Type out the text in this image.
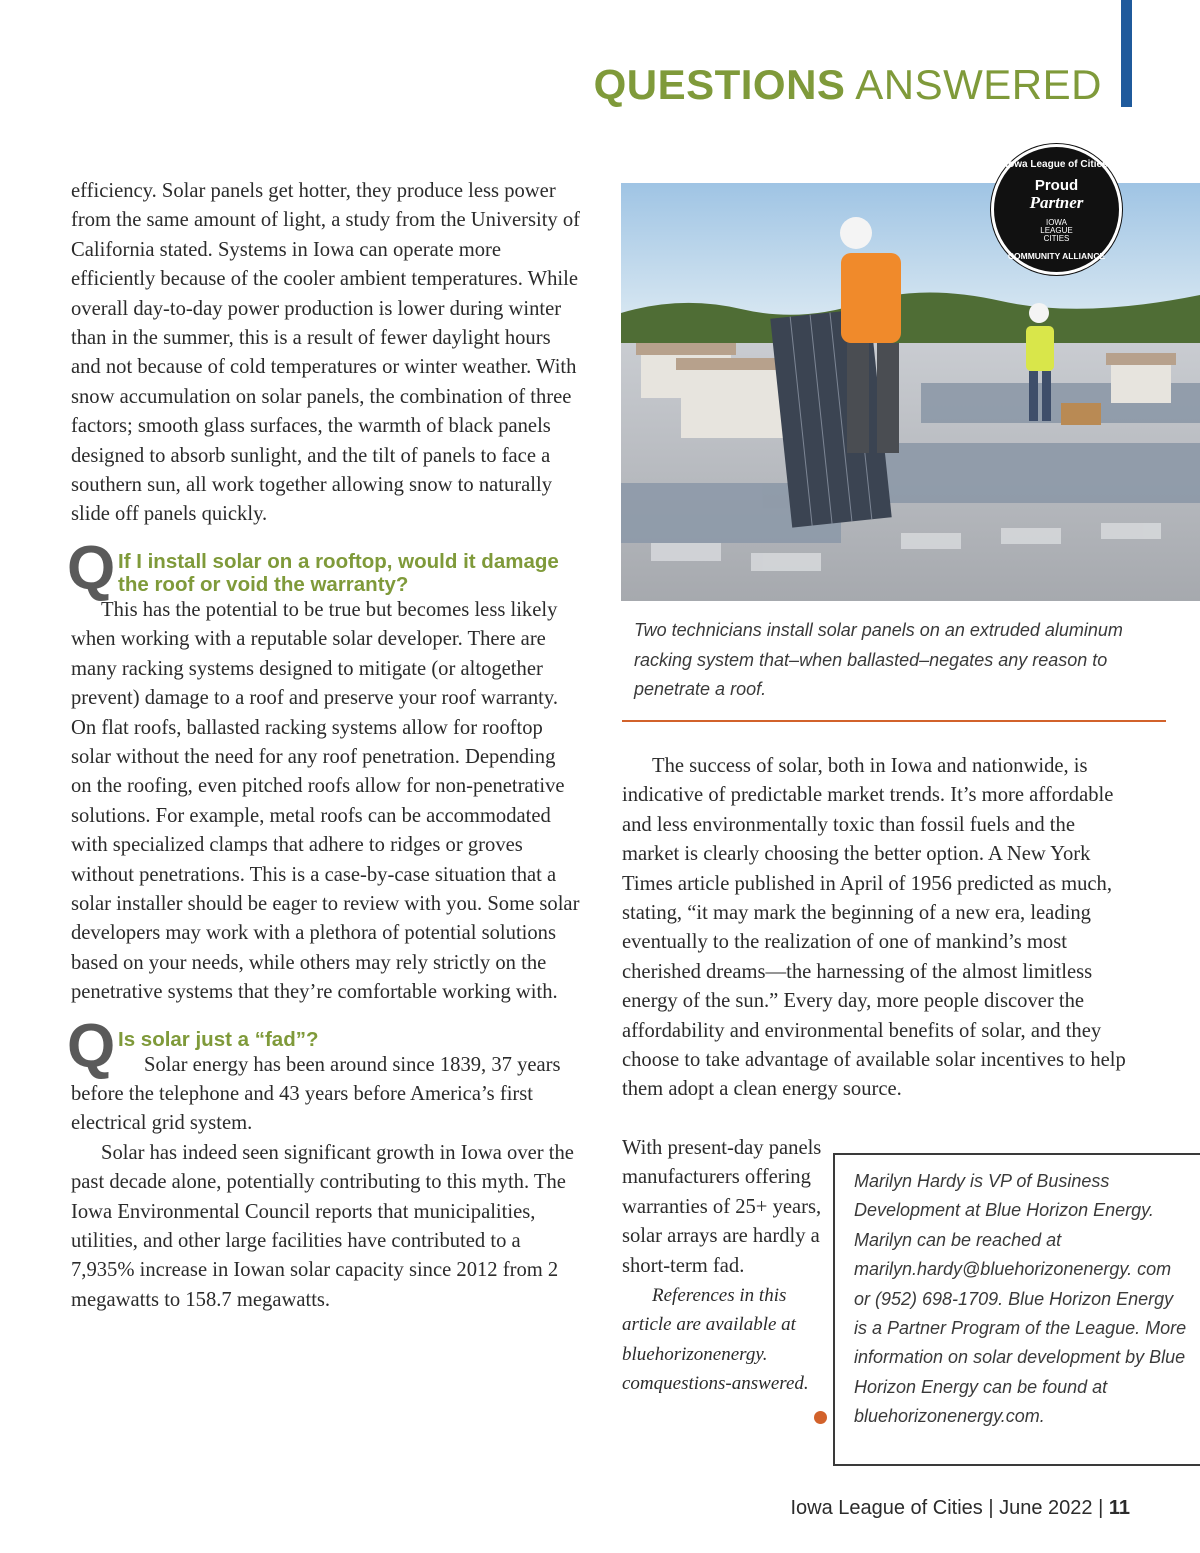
QUESTIONS ANSWERED

efficiency. Solar panels get hotter, they produce less power from the same amount of light, a study from the University of California stated. Systems in Iowa can operate more efficiently because of the cooler ambient temperatures. While overall day-to-day power production is lower during winter than in the summer, this is a result of fewer daylight hours and not because of cold temperatures or winter weather. With snow accumulation on solar panels, the combination of three factors; smooth glass surfaces, the warmth of black panels designed to absorb sunlight, and the tilt of panels to face a southern sun, all work together allowing snow to naturally slide off panels quickly.

Q If I install solar on a rooftop, would it damage the roof or void the warranty?

This has the potential to be true but becomes less likely when working with a reputable solar developer. There are many racking systems designed to mitigate (or altogether prevent) damage to a roof and preserve your roof warranty. On flat roofs, ballasted racking systems allow for rooftop solar without the need for any roof penetration. Depending on the roofing, even pitched roofs allow for non-penetrative solutions. For example, metal roofs can be accommodated with specialized clamps that adhere to ridges or groves without penetrations. This is a case-by-case situation that a solar installer should be eager to review with you. Some solar developers may work with a plethora of potential solutions based on your needs, while others may rely strictly on the penetrative systems that they’re comfortable working with.

Q Is solar just a “fad”?

Solar energy has been around since 1839, 37 years before the telephone and 43 years before America’s first electrical grid system.

Solar has indeed seen significant growth in Iowa over the past decade alone, potentially contributing to this myth. The Iowa Environmental Council reports that municipalities, utilities, and other large facilities have contributed to a 7,935% increase in Iowan solar capacity since 2012 from 2 megawatts to 158.7 megawatts.

Iowa League of Cities
Proud
Partner
IOWA
LEAGUE
CITIES
COMMUNITY ALLIANCE
Two technicians install solar panels on an extruded aluminum racking system that–when ballasted–negates any reason to penetrate a roof.

The success of solar, both in Iowa and nationwide, is indicative of predictable market trends. It’s more affordable and less environmentally toxic than fossil fuels and the market is clearly choosing the better option. A New York Times article published in April of 1956 predicted as much, stating, “it may mark the beginning of a new era, leading eventually to the realization of one of mankind’s most cherished dreams—the harnessing of the almost limitless energy of the sun.” Every day, more people discover the affordability and environmental benefits of solar, and they choose to take advantage of available solar incentives to help them adopt a clean energy source.

With present-day panels manufacturers offering warranties of 25+ years, solar arrays are hardly a short-term fad.

References in this article are available at bluehorizonenergy. comquestions-answered.

Marilyn Hardy is VP of Business Development at Blue Horizon Energy. Marilyn can be reached at marilyn.hardy@bluehorizonenergy. com or (952) 698-1709. Blue Horizon Energy is a Partner Program of the League. More information on solar development by Blue Horizon Energy can be found at bluehorizonenergy.com.

Iowa League of Cities | June 2022 | 11
